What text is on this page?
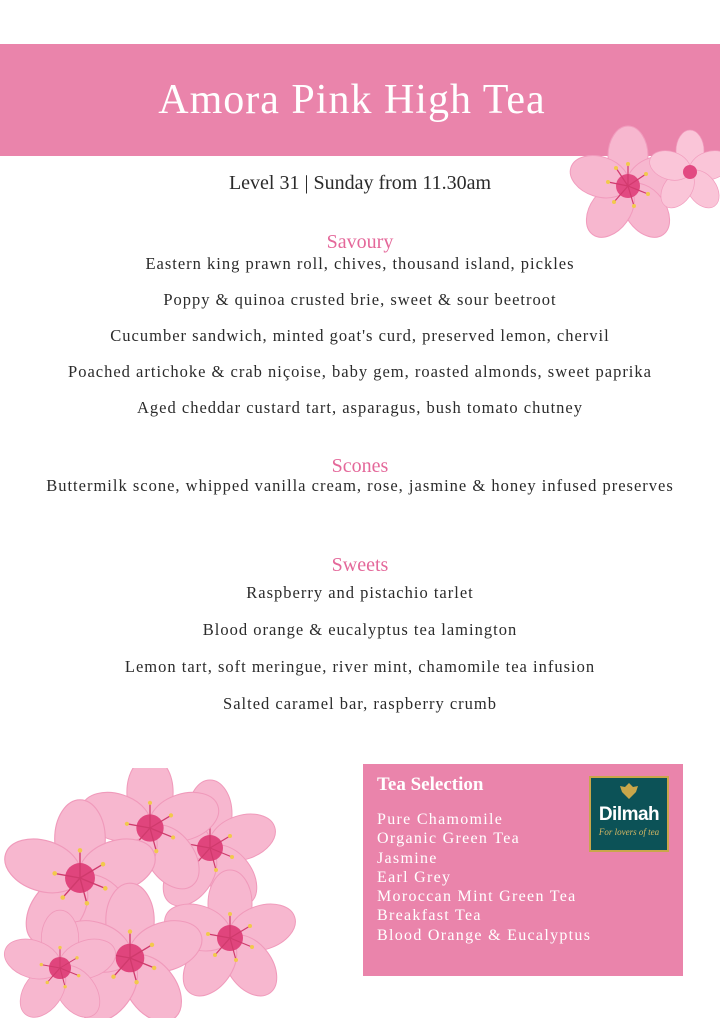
Amora Pink High Tea
Level 31 | Sunday from 11.30am

Savoury

Eastern king prawn roll, chives, thousand island, pickles

Poppy & quinoa crusted brie, sweet & sour beetroot

Cucumber sandwich, minted goat's curd, preserved lemon, chervil

Poached artichoke & crab niçoise, baby gem, roasted almonds, sweet paprika

Aged cheddar custard tart, asparagus, bush tomato chutney

Scones

Buttermilk scone, whipped vanilla cream, rose, jasmine & honey infused preserves

Sweets

Raspberry and pistachio tarlet

Blood orange & eucalyptus tea lamington

Lemon tart, soft meringue, river mint, chamomile tea infusion

Salted caramel bar, raspberry crumb

Tea Selection

Pure Chamomile
Organic Green Tea
Jasmine
Earl Grey
Moroccan Mint Green Tea
Breakfast Tea
Blood Orange & Eucalyptus
Dilmah
For lovers of tea
